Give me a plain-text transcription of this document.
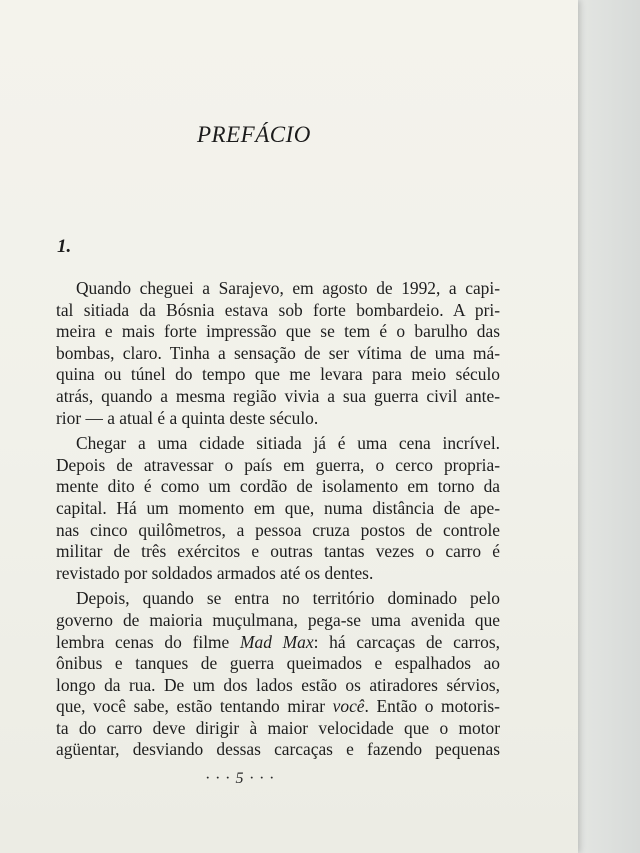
PREFÁCIO
1.
Quando cheguei a Sarajevo, em agosto de 1992, a capi-
tal sitiada da Bósnia estava sob forte bombardeio. A pri-
meira e mais forte impressão que se tem é o barulho das
bombas, claro. Tinha a sensação de ser vítima de uma má-
quina ou túnel do tempo que me levara para meio século
atrás, quando a mesma região vivia a sua guerra civil ante-
rior — a atual é a quinta deste século.
Chegar a uma cidade sitiada já é uma cena incrível.
Depois de atravessar o país em guerra, o cerco propria-
mente dito é como um cordão de isolamento em torno da
capital. Há um momento em que, numa distância de ape-
nas cinco quilômetros, a pessoa cruza postos de controle
militar de três exércitos e outras tantas vezes o carro é
revistado por soldados armados até os dentes.
Depois, quando se entra no território dominado pelo
governo de maioria muçulmana, pega-se uma avenida que
lembra cenas do filme Mad Max: há carcaças de carros,
ônibus e tanques de guerra queimados e espalhados ao
longo da rua. De um dos lados estão os atiradores sérvios,
que, você sabe, estão tentando mirar você. Então o motoris-
ta do carro deve dirigir à maior velocidade que o motor
agüentar, desviando dessas carcaças e fazendo pequenas
· · · 5 · · ·
